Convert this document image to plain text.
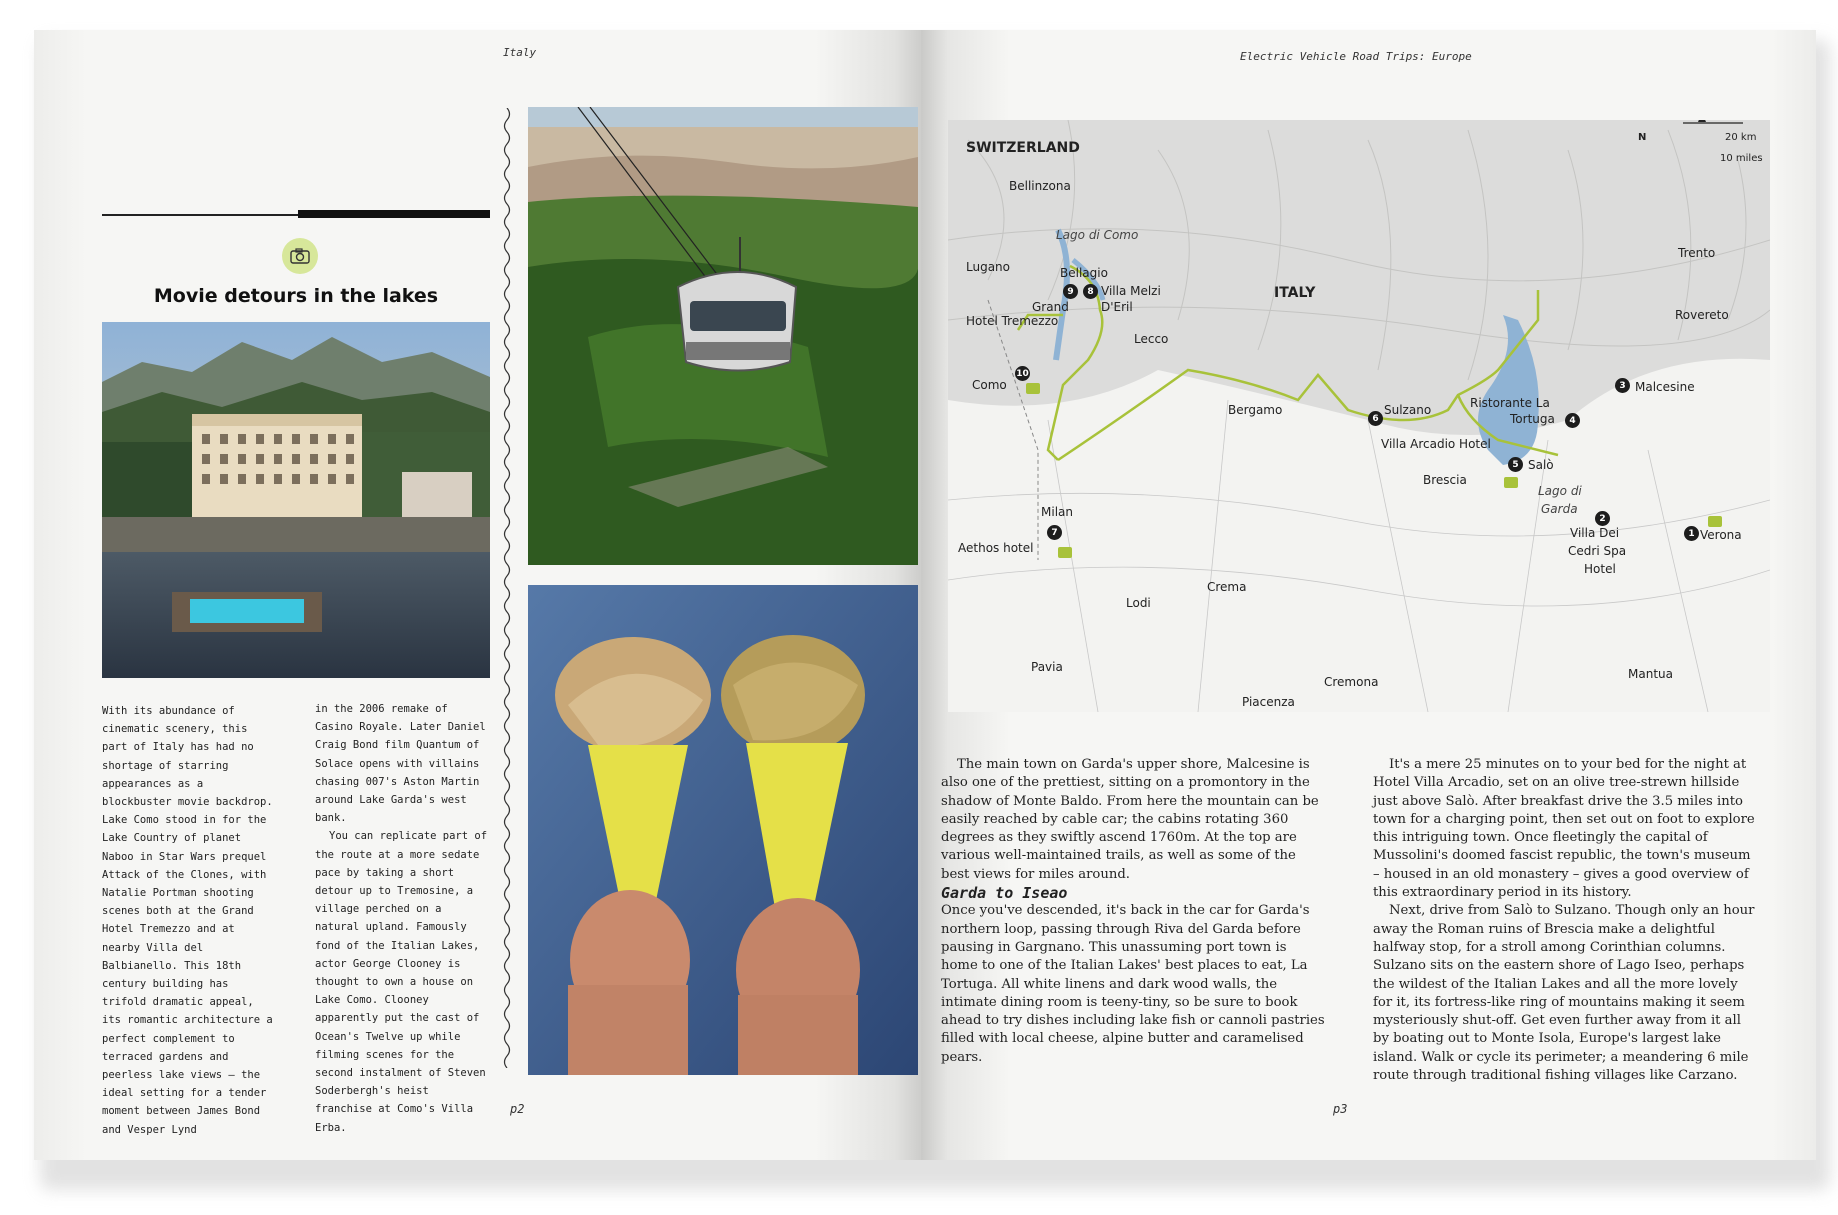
Italy
p2
Movie detours in the lakes

With its abundance of cinematic scenery, this part of Italy has had no shortage of starring appearances as a blockbuster movie backdrop. Lake Como stood in for the Lake Country of planet Naboo in Star Wars prequel Attack of the Clones, with Natalie Portman shooting scenes both at the Grand Hotel Tremezzo and at nearby Villa del Balbianello. This 18th century building has trifold dramatic appeal, its romantic architecture a perfect complement to terraced gardens and peerless lake views – the ideal setting for a tender moment between James Bond and Vesper Lynd

in the 2006 remake of Casino Royale. Later Daniel Craig Bond film Quantum of Solace opens with villains chasing 007's Aston Martin around Lake Garda's west bank.

You can replicate part of the route at a more sedate pace by taking a short detour up to Tremosine, a village perched on a natural upland. Famously fond of the Italian Lakes, actor George Clooney is thought to own a house on Lake Como. Clooney apparently put the cast of Ocean's Twelve up while filming scenes for the second instalment of Steven Soderbergh's heist franchise at Como's Villa Erba.

Electric Vehicle Road Trips: Europe
p3
SWITZERLAND
ITALY
Lago di Como
Lago di
Garda
Bellinzona
Lugano	Bellagio
Villa Melzi
D'Eril
Grand
Hotel Tremezzo
Lecco
Como
Bergamo	Sulzano
Villa Arcadio Hotel
Brescia
Salò
Ristorante La
Tortuga
Malcesine
Trento
Rovereto
Villa Dei
Cedri Spa
Hotel
Verona
Milan
Aethos hotel
Crema
Lodi
Pavia
Cremona
Piacenza
Mantua
20 km
10 miles
N
1
2
3
4
5
6
7
8
9
10

The main town on Garda's upper shore, Malcesine is also one of the prettiest, sitting on a promontory in the shadow of Monte Baldo. From here the mountain can be easily reached by cable car; the cabins rotating 360 degrees as they swiftly ascend 1760m. At the top are various well-maintained trails, as well as some of the best views for miles around.

Garda to Iseao

Once you've descended, it's back in the car for Garda's northern loop, passing through Riva del Garda before pausing in Gargnano. This unassuming port town is home to one of the Italian Lakes' best places to eat, La Tortuga. All white linens and dark wood walls, the intimate dining room is teeny-tiny, so be sure to book ahead to try dishes including lake fish or cannoli pastries filled with local cheese, alpine butter and caramelised pears.

It's a mere 25 minutes on to your bed for the night at Hotel Villa Arcadio, set on an olive tree-strewn hillside just above Salò. After breakfast drive the 3.5 miles into town for a charging point, then set out on foot to explore this intriguing town. Once fleetingly the capital of Mussolini's doomed fascist republic, the town's museum – housed in an old monastery – gives a good overview of this extraordinary period in its history.

Next, drive from Salò to Sulzano. Though only an hour away the Roman ruins of Brescia make a delightful halfway stop, for a stroll among Corinthian columns. Sulzano sits on the eastern shore of Lago Iseo, perhaps the wildest of the Italian Lakes and all the more lovely for it, its fortress-like ring of mountains making it seem mysteriously shut-off. Get even further away from it all by boating out to Monte Isola, Europe's largest lake island. Walk or cycle its perimeter; a meandering 6 mile route through traditional fishing villages like Carzano.
